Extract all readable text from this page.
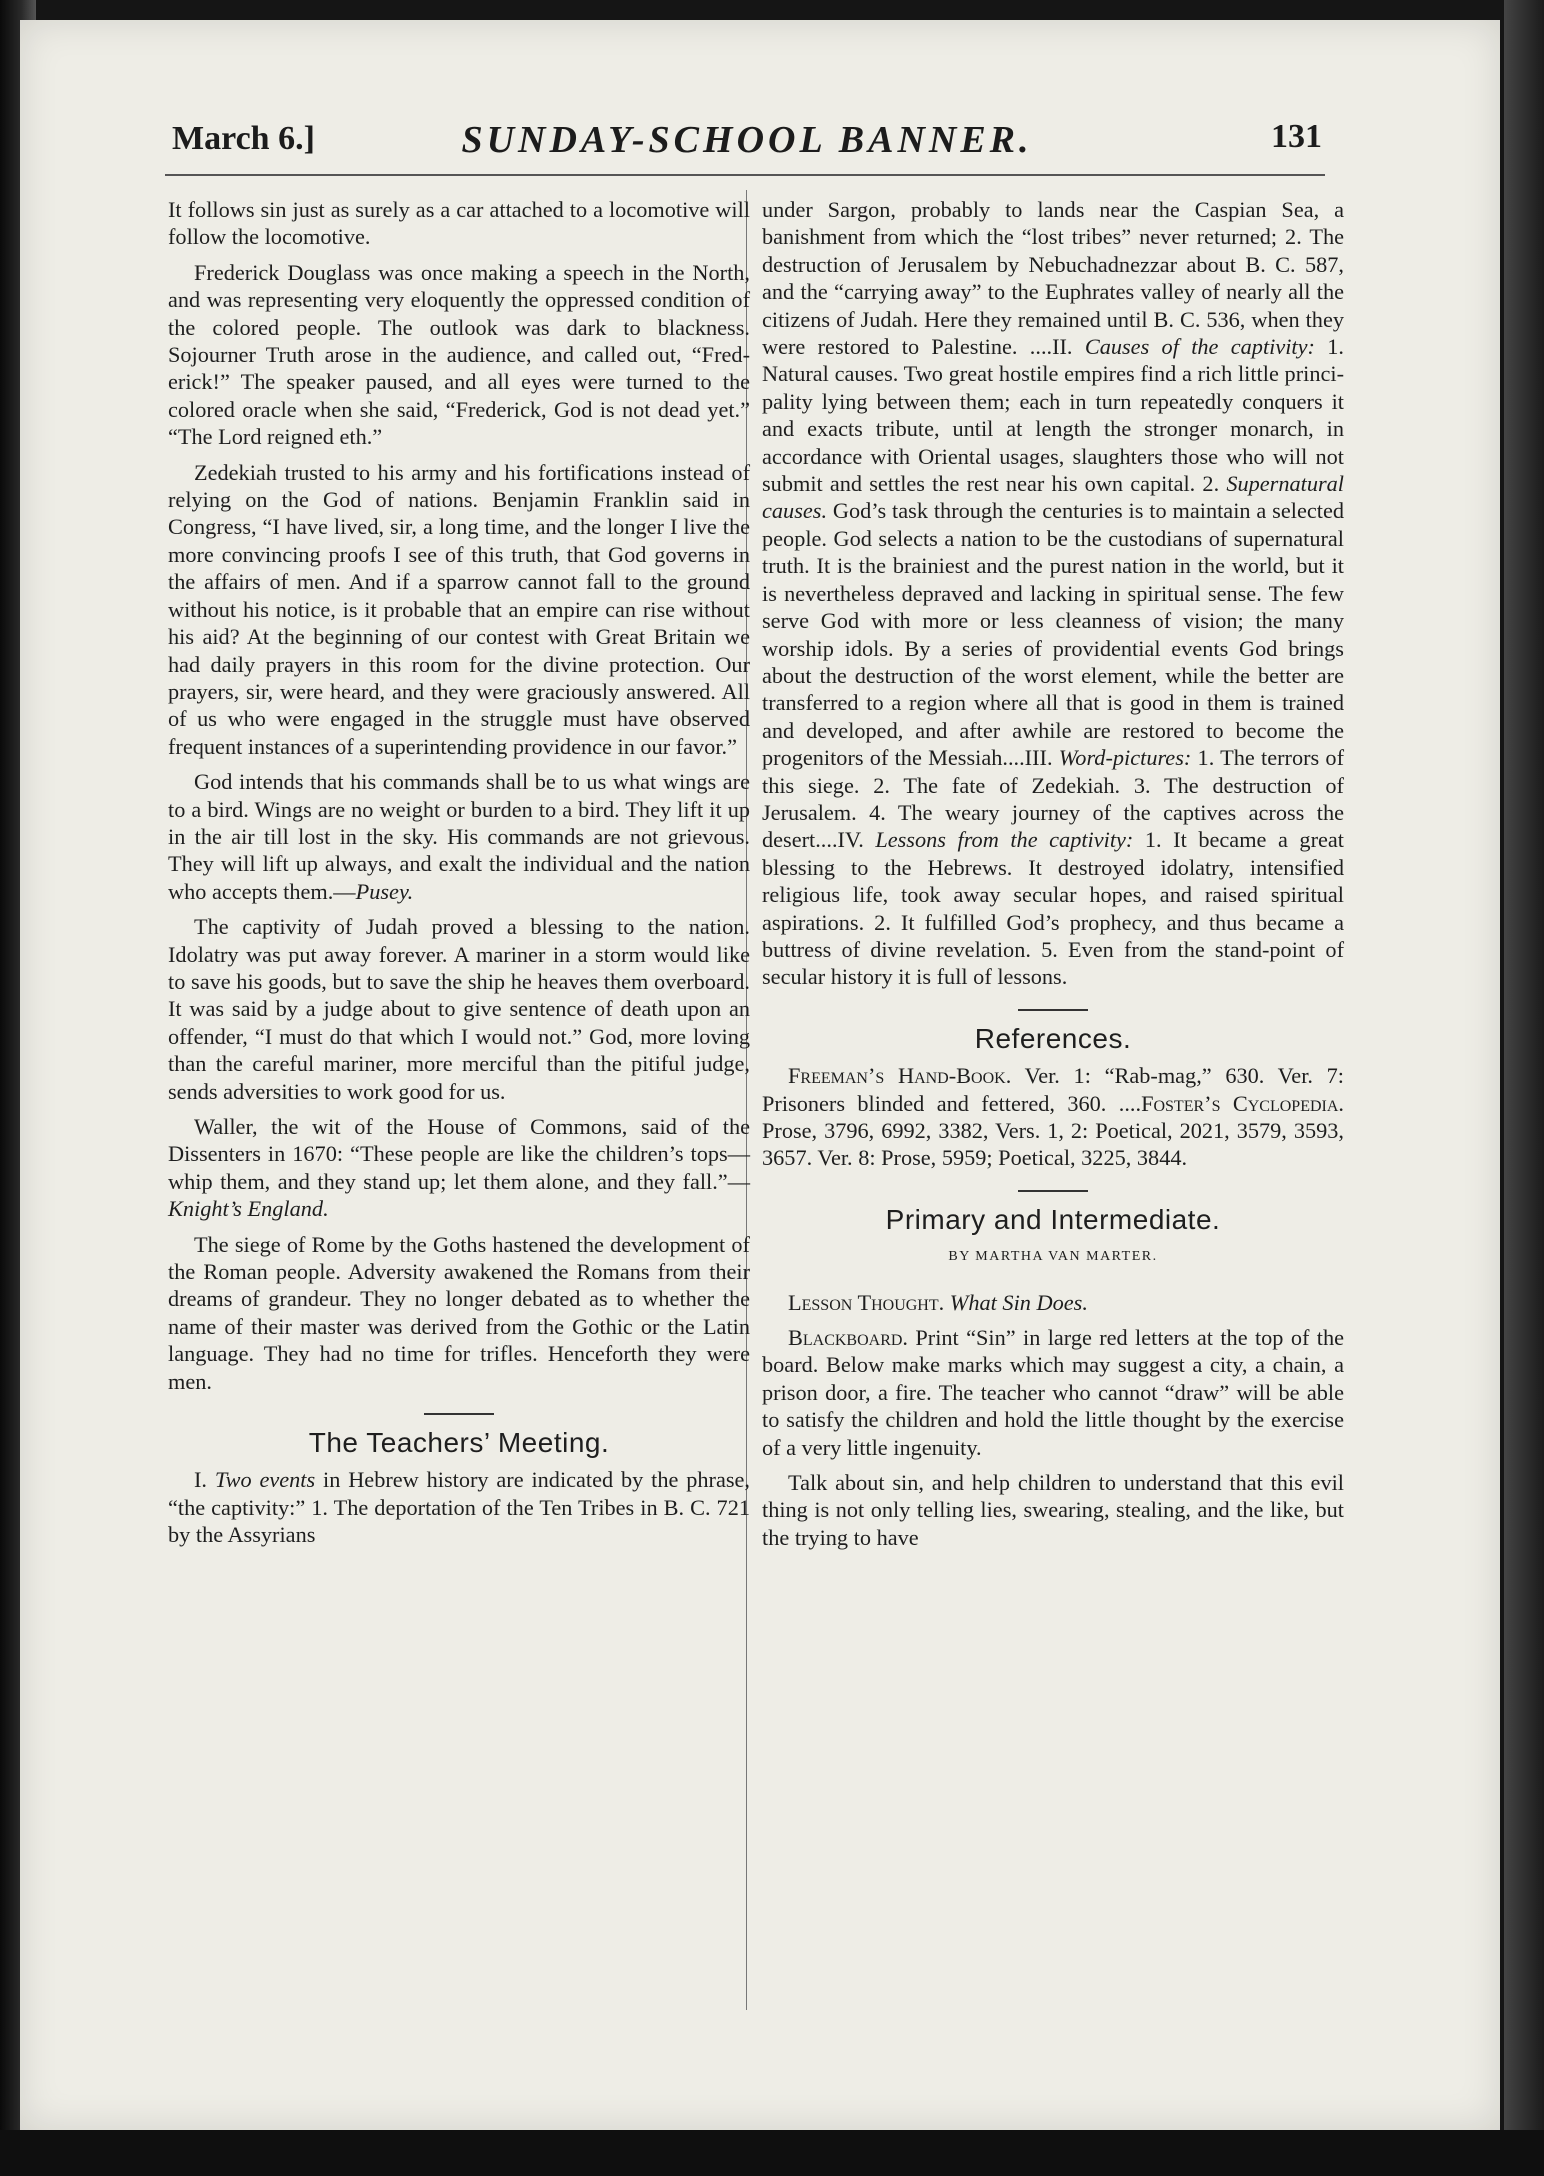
March 6.]	SUNDAY-SCHOOL BANNER.	131

It follows sin just as surely as a car attached to a locomotive will follow the locomotive.

Frederick Douglass was once making a speech in the North, and was representing very eloquently the oppressed condition of the colored people. The outlook was dark to blackness. Sojourner Truth arose in the audience, and called out, “Frederick!” The speaker paused, and all eyes were turned to the colored oracle when she said, “Frederick, God is not dead yet.” “The Lord reigned eth.”

Zedekiah trusted to his army and his fortifications instead of relying on the God of nations. Benjamin Franklin said in Congress, “I have lived, sir, a long time, and the longer I live the more convincing proofs I see of this truth, that God governs in the affairs of men. And if a sparrow cannot fall to the ground without his notice, is it probable that an empire can rise without his aid? At the beginning of our contest with Great Britain we had daily prayers in this room for the divine protection. Our prayers, sir, were heard, and they were graciously answered. All of us who were engaged in the struggle must have observed frequent instances of a superintending providence in our favor.”

God intends that his commands shall be to us what wings are to a bird. Wings are no weight or burden to a bird. They lift it up in the air till lost in the sky. His commands are not grievous. They will lift up always, and exalt the individual and the nation who accepts them.—Pusey.

The captivity of Judah proved a blessing to the nation. Idolatry was put away forever. A mariner in a storm would like to save his goods, but to save the ship he heaves them overboard. It was said by a judge about to give sentence of death upon an offender, “I must do that which I would not.” God, more loving than the careful mariner, more merciful than the pitiful judge, sends adversities to work good for us.

Waller, the wit of the House of Commons, said of the Dissenters in 1670: “These people are like the children’s tops—whip them, and they stand up; let them alone, and they fall.”—Knight’s England.

The siege of Rome by the Goths hastened the development of the Roman people. Adversity awakened the Romans from their dreams of grandeur. They no longer debated as to whether the name of their master was derived from the Gothic or the Latin language. They had no time for trifles. Henceforth they were men.

The Teachers’ Meeting.

I. Two events in Hebrew history are indicated by the phrase, “the captivity:” 1. The deportation of the Ten Tribes in B. C. 721 by the Assyrians

under Sargon, probably to lands near the Caspian Sea, a banishment from which the “lost tribes” never returned; 2. The destruction of Jerusalem by Nebuchadnezzar about B. C. 587, and the “carrying away” to the Euphrates valley of nearly all the citizens of Judah. Here they remained until B. C. 536, when they were restored to Palestine. ....II. Causes of the captivity: 1. Natural causes. Two great hostile empires find a rich little principality lying between them; each in turn repeatedly conquers it and exacts tribute, until at length the stronger monarch, in accordance with Oriental usages, slaughters those who will not submit and settles the rest near his own capital. 2. Supernatural causes. God’s task through the centuries is to maintain a selected people. God selects a nation to be the custodians of supernatural truth. It is the brainiest and the purest nation in the world, but it is nevertheless depraved and lacking in spiritual sense. The few serve God with more or less cleanness of vision; the many worship idols. By a series of providential events God brings about the destruction of the worst element, while the better are transferred to a region where all that is good in them is trained and developed, and after awhile are restored to become the progenitors of the Messiah....III. Word-pictures: 1. The terrors of this siege. 2. The fate of Zedekiah. 3. The destruction of Jerusalem. 4. The weary journey of the captives across the desert....IV. Lessons from the captivity: 1. It became a great blessing to the Hebrews. It destroyed idolatry, intensified religious life, took away secular hopes, and raised spiritual aspirations. 2. It fulfilled God’s prophecy, and thus became a buttress of divine revelation. 5. Even from the stand-point of secular history it is full of lessons.

References.

Freeman’s Hand-Book. Ver. 1: “Rab-mag,” 630. Ver. 7: Prisoners blinded and fettered, 360. ....Foster’s Cyclopedia. Prose, 3796, 6992, 3382, Vers. 1, 2: Poetical, 2021, 3579, 3593, 3657. Ver. 8: Prose, 5959; Poetical, 3225, 3844.

Primary and Intermediate.
BY MARTHA VAN MARTER.

Lesson Thought. What Sin Does.

Blackboard. Print “Sin” in large red letters at the top of the board. Below make marks which may suggest a city, a chain, a prison door, a fire. The teacher who cannot “draw” will be able to satisfy the children and hold the little thought by the exercise of a very little ingenuity.

Talk about sin, and help children to understand that this evil thing is not only telling lies, swearing, stealing, and the like, but the trying to have
